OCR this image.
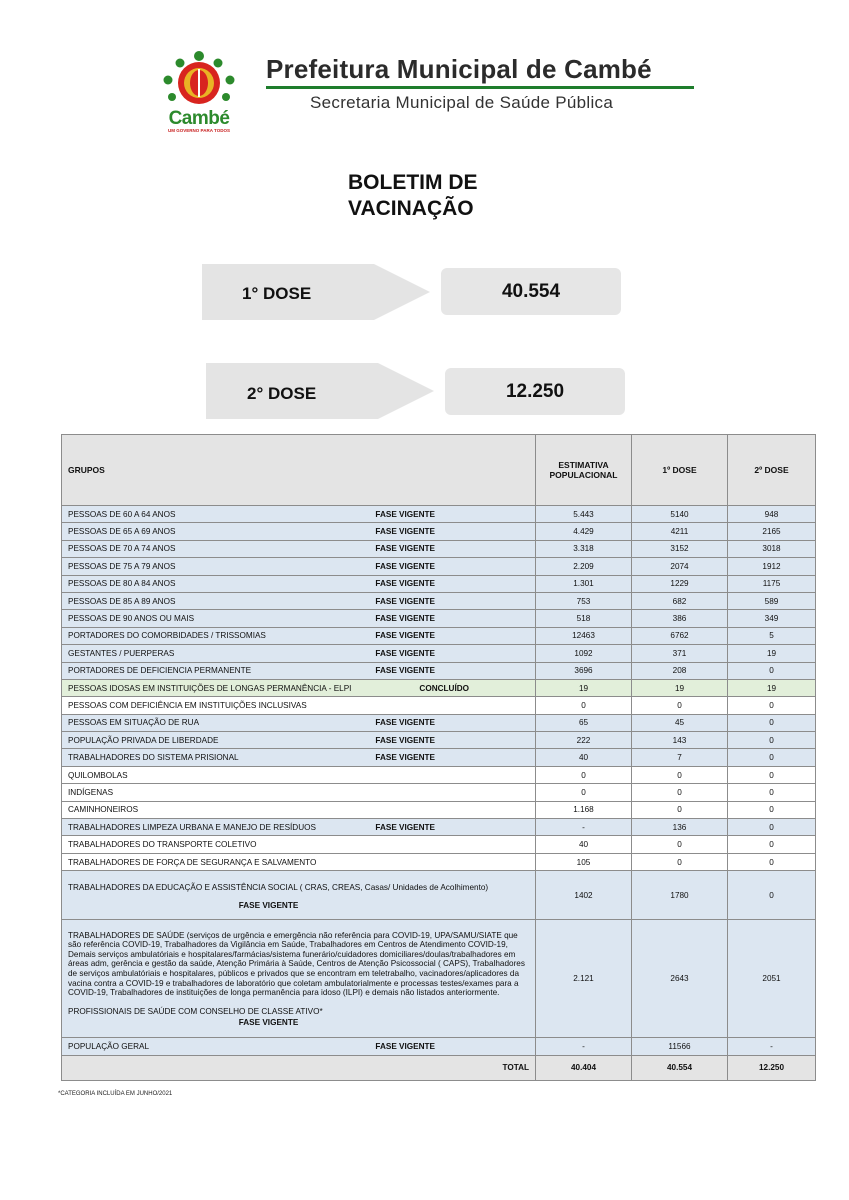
Cambé
UM GOVERNO PARA TODOS
Prefeitura Municipal de Cambé
Secretaria Municipal de Saúde Pública
BOLETIM DE
VACINAÇÃO
1° DOSE	40.554
2° DOSE	12.250
GRUPOS	ESTIMATIVA POPULACIONAL	1º DOSE	2º DOSE

PESSOAS DE 60 A 64 ANOS FASE VIGENTE	5.443	5140	948

PESSOAS DE 65 A 69 ANOS FASE VIGENTE	4.429	4211	2165

PESSOAS DE 70 A 74 ANOS FASE VIGENTE	3.318	3152	3018

PESSOAS DE 75 A 79 ANOS FASE VIGENTE	2.209	2074	1912

PESSOAS DE 80 A 84 ANOS FASE VIGENTE	1.301	1229	1175

PESSOAS DE 85 A 89 ANOS FASE VIGENTE	753	682	589

PESSOAS DE 90 ANOS OU MAIS FASE VIGENTE	518	386	349

PORTADORES DO COMORBIDADES / TRISSOMIAS FASE VIGENTE	12463	6762	5

GESTANTES / PUERPERAS FASE VIGENTE	1092	371	19

PORTADORES DE DEFICIENCIA PERMANENTE FASE VIGENTE	3696	208	0

PESSOAS IDOSAS EM INSTITUIÇÕES DE LONGAS PERMANÊNCIA - ELPI CONCLUÍDO	19	19	19

PESSOAS COM DEFICIÊNCIA EM INSTITUIÇÕES INCLUSIVAS	0	0	0

PESSOAS EM SITUAÇÃO DE RUA FASE VIGENTE	65	45	0

POPULAÇÃO PRIVADA DE LIBERDADE FASE VIGENTE	222	143	0

TRABALHADORES DO SISTEMA PRISIONAL FASE VIGENTE	40	7	0

QUILOMBOLAS	0	0	0

INDÍGENAS	0	0	0

CAMINHONEIROS	1.168	0	0

TRABALHADORES LIMPEZA URBANA E MANEJO DE RESÍDUOS FASE VIGENTE	-	136	0

TRABALHADORES DO TRANSPORTE COLETIVO	40	0	0

TRABALHADORES DE FORÇA DE SEGURANÇA E SALVAMENTO	105	0	0

TRABALHADORES DA EDUCAÇÃO E ASSISTÊNCIA SOCIAL ( CRAS, CREAS, Casas/ Unidades de Acolhimento)
FASE VIGENTE	1402	1780	0

TRABALHADORES DE SAÚDE (serviços de urgência e emergência não referência para COVID-19, UPA/SAMU/SIATE que são referência COVID-19, Trabalhadores da Vigilância em Saúde, Trabalhadores em Centros de Atendimento COVID-19, Demais serviços ambulatóriais e hospitalares/farmácias/sistema funerário/cuidadores domiciliares/doulas/trabalhadores em áreas adm, gerência e gestão da saúde, Atenção Primária à Saúde, Centros de Atenção Psicossocial ( CAPS), Trabalhadores de serviços ambulatóriais e hospitalares, públicos e privados que se encontram em teletrabalho, vacinadores/aplicadores da vacina contra a COVID-19 e trabalhadores de laboratório que coletam ambulatorialmente e processas testes/exames para a COVID-19, Trabalhadores de instituições de longa permanência para idoso (ILPI) e demais não listados anteriormente.
PROFISSIONAIS DE SAÚDE COM CONSELHO DE CLASSE ATIVO*
FASE VIGENTE	2.121	2643	2051

POPULAÇÃO GERAL FASE VIGENTE	-	11566	-
TOTAL	40.404	40.554	12.250
*CATEGORIA INCLUÍDA EM JUNHO/2021
